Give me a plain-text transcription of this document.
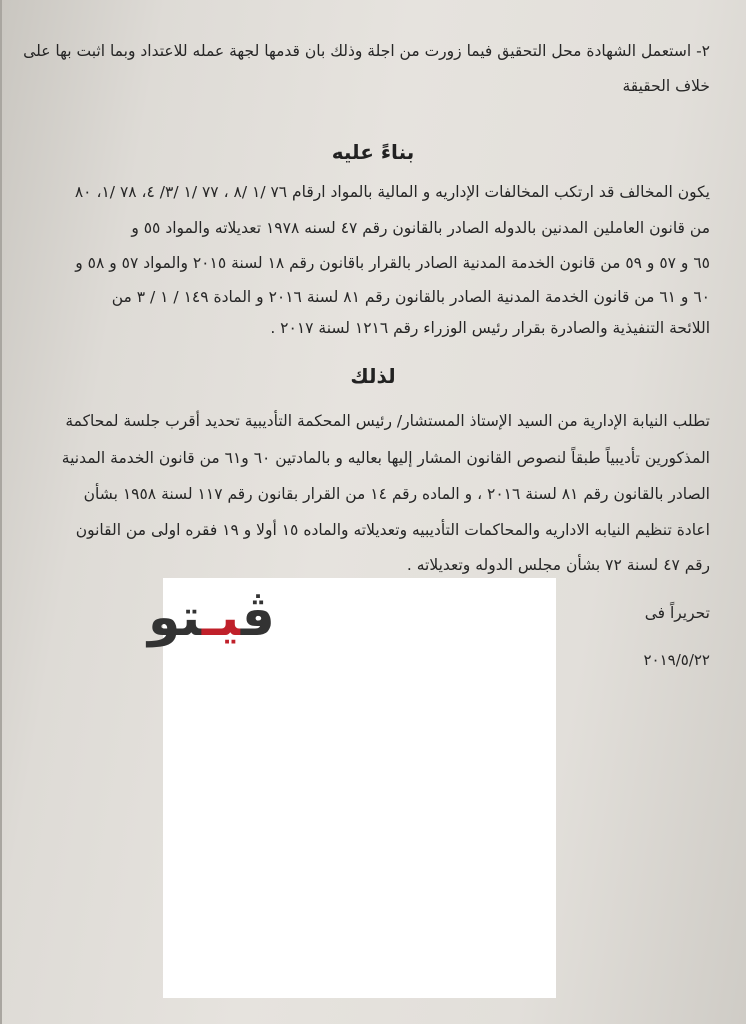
٢- استعمل الشهادة محل التحقيق فيما زورت من اجلة وذلك بان قدمها لجهة عمله للاعتداد وبما اثبت بها على
خلاف الحقيقة
بناءً عليه
يكون المخالف قد ارتكب المخالفات الإداريه و المالية بالمواد ارقام ٧٦ /١ /٨ ، ٧٧ /١ /٣/ ٤، ٧٨ /١، ٨٠
من قانون العاملين المدنين بالدوله الصادر بالقانون رقم ٤٧ لسنه ١٩٧٨ تعديلاته والمواد ٥٥ و
٦٥ و ٥٧ و ٥٩ من قانون الخدمة المدنية الصادر بالقرار باقانون رقم ١٨ لسنة ٢٠١٥ والمواد ٥٧ و ٥٨ و
٦٠ و ٦١ من قانون الخدمة المدنية الصادر بالقانون رقم ٨١ لسنة ٢٠١٦ و المادة ١٤٩ / ١ / ٣ من
اللائحة التنفيذية والصادرة بقرار رئيس الوزراء رقم ١٢١٦ لسنة ٢٠١٧ .
لذلك
تطلب النيابة الإدارية من السيد الإستاذ المستشار/ رئيس المحكمة التأديبية تحديد أقرب جلسة لمحاكمة
المذكورين تأديبياً طبقاً لنصوص القانون المشار إليها بعاليه و بالمادتين ٦٠ و٦١ من قانون الخدمة المدنية
الصادر بالقانون رقم ٨١ لسنة ٢٠١٦ ، و الماده رقم ١٤ من القرار بقانون رقم ١١٧ لسنة ١٩٥٨ بشأن
اعادة تنظيم النيابه الاداريه والمحاكمات التأديبيه وتعديلاته والماده ١٥ أولا و ١٩ فقره اولى من القانون
رقم ٤٧ لسنة ٧٢ بشأن مجلس الدوله وتعديلاته .
ڤيـتو	تحريراً فى
٢٠١٩/٥/٢٢
